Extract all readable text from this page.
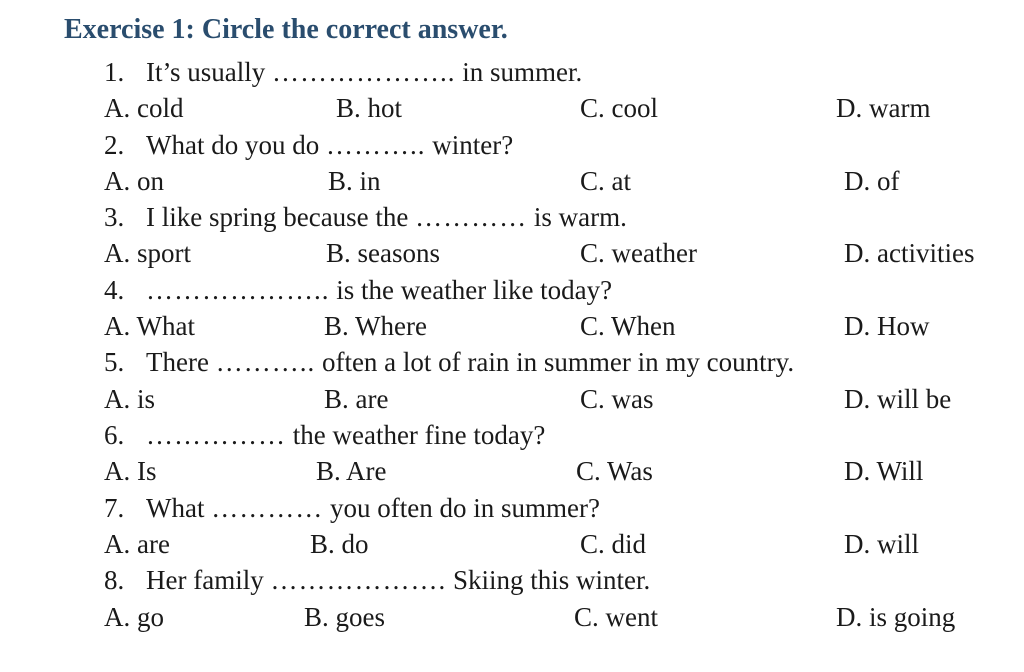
Exercise 1: Circle the correct answer.
1. It’s usually ……………….. in summer.
A. cold	B. hot	C. cool	D. warm
2. What do you do ……….. winter?
A. on	B. in	C. at	D. of
3. I like spring because the ………… is warm.
A. sport	B. seasons	C. weather	D. activities
4. ……………….. is the weather like today?
A. What	B. Where	C. When	D. How
5. There ……….. often a lot of rain in summer in my country.
A. is	B. are	C. was	D. will be
6. …………… the weather fine today?
A. Is	B. Are	C. Was	D. Will
7. What ………… you often do in summer?
A. are	B. do	C. did	D. will
8. Her family ………………. Skiing this winter.
A. go	B. goes	C. went	D. is going
